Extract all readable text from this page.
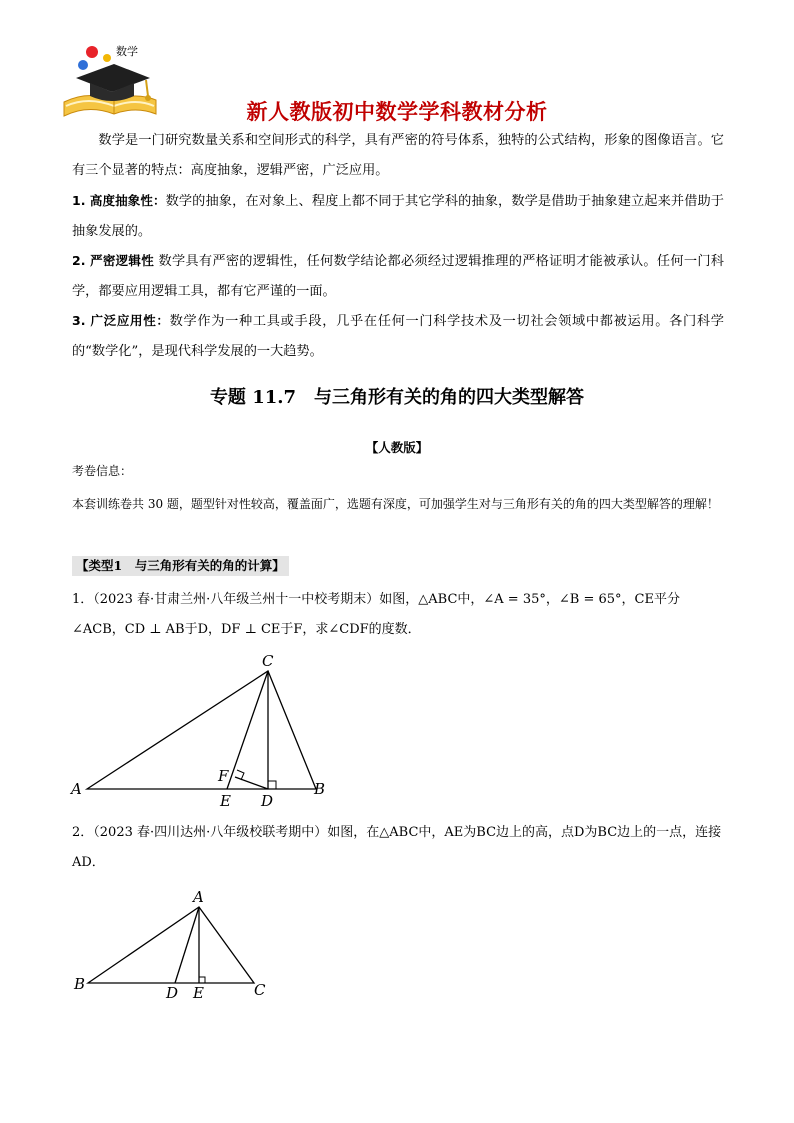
数学
新人教版初中数学学科教材分析
数学是一门研究数量关系和空间形式的科学，具有严密的符号体系，独特的公式结构，形象的图像语言。它有三个显著的特点：高度抽象，逻辑严密，广泛应用。
1. 高度抽象性：数学的抽象，在对象上、程度上都不同于其它学科的抽象，数学是借助于抽象建立起来并借助于抽象发展的。
2. 严密逻辑性 数学具有严密的逻辑性，任何数学结论都必须经过逻辑推理的严格证明才能被承认。任何一门科学，都要应用逻辑工具，都有它严谨的一面。
3. 广泛应用性：数学作为一种工具或手段，几乎在任何一门科学技术及一切社会领域中都被运用。各门科学的“数学化”，是现代科学发展的一大趋势。
专题 11.7　与三角形有关的角的四大类型解答
【人教版】
考卷信息：
本套训练卷共 30 题，题型针对性较高，覆盖面广，选题有深度，可加强学生对与三角形有关的角的四大类型解答的理解！
【类型1　与三角形有关的角的计算】
1．（2023 春·甘肃兰州·八年级兰州十一中校考期末）如图，△ABC中，∠A = 35°，∠B = 65°，CE平分∠ACB，CD ⊥ AB于D，DF ⊥ CE于F，求∠CDF的度数．
C
A	B
F
E D
2．（2023 春·四川达州·八年级校联考期中）如图，在△ABC中，AE为BC边上的高，点D为BC边上的一点，连接AD．
A
B	C
D E
